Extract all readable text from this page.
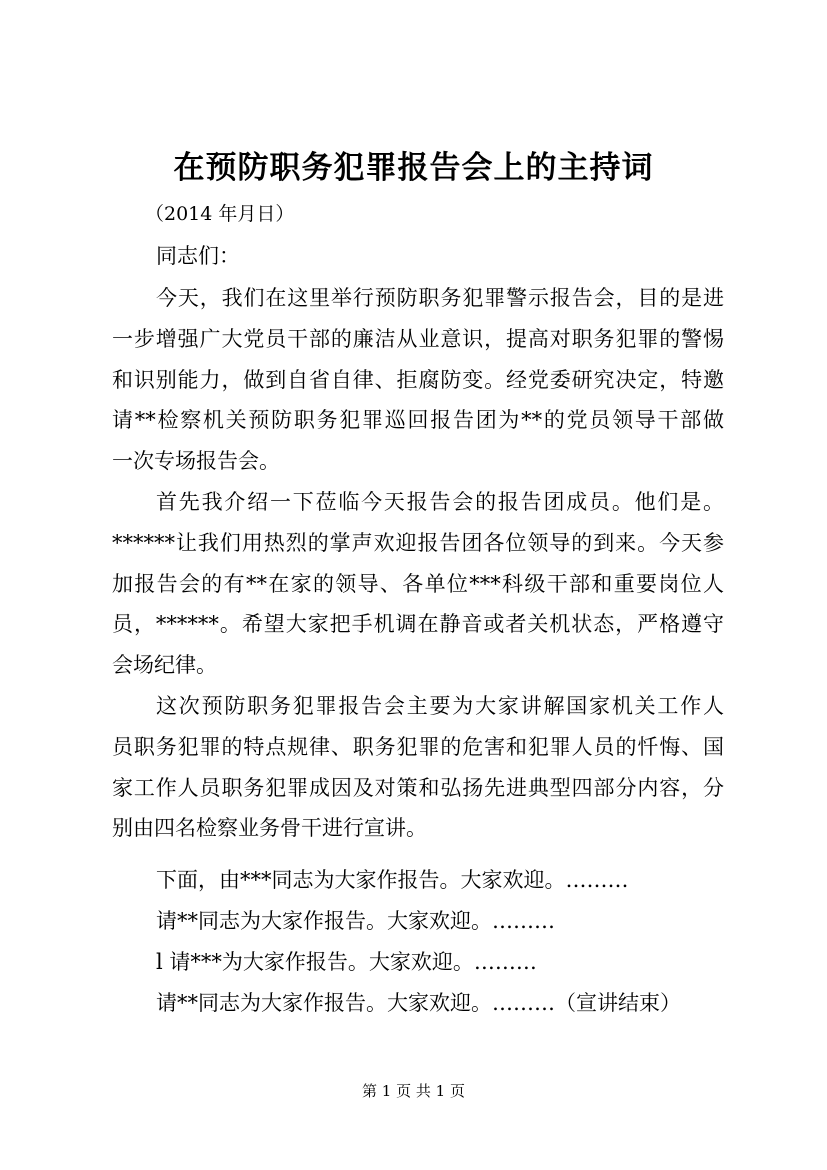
在预防职务犯罪报告会上的主持词
（2014 年月日）
同志们：
今天，我们在这里举行预防职务犯罪警示报告会，目的是进
一步增强广大党员干部的廉洁从业意识，提高对职务犯罪的警惕
和识别能力，做到自省自律、拒腐防变。经党委研究决定，特邀
请**检察机关预防职务犯罪巡回报告团为**的党员领导干部做
一次专场报告会。
首先我介绍一下莅临今天报告会的报告团成员。他们是。
******让我们用热烈的掌声欢迎报告团各位领导的到来。今天参
加报告会的有**在家的领导、各单位***科级干部和重要岗位人
员，******。希望大家把手机调在静音或者关机状态，严格遵守
会场纪律。
这次预防职务犯罪报告会主要为大家讲解国家机关工作人
员职务犯罪的特点规律、职务犯罪的危害和犯罪人员的忏悔、国
家工作人员职务犯罪成因及对策和弘扬先进典型四部分内容，分
别由四名检察业务骨干进行宣讲。
下面，由***同志为大家作报告。大家欢迎。………
请**同志为大家作报告。大家欢迎。………
l 请***为大家作报告。大家欢迎。………
请**同志为大家作报告。大家欢迎。………（宣讲结束）
第 1 页 共 1 页
